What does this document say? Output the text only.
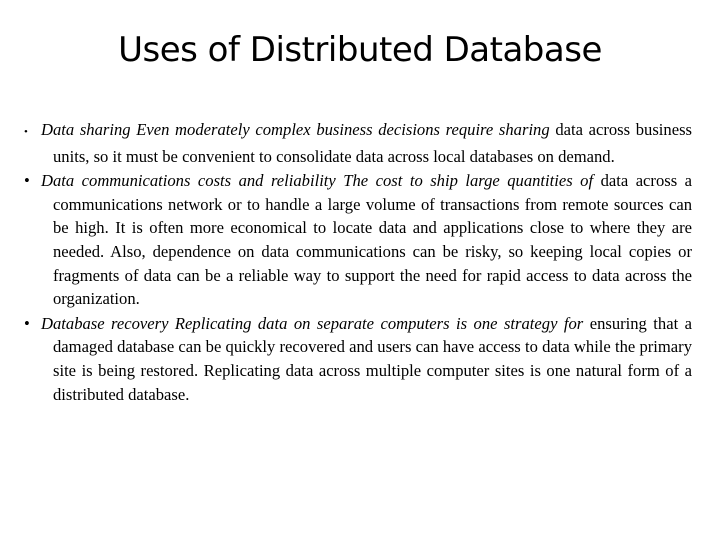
Uses of Distributed Database
• Data sharing Even moderately complex business decisions require sharing data across business units, so it must be convenient to consolidate data across local databases on demand.
• Data communications costs and reliability The cost to ship large quantities of data across a communications network or to handle a large volume of transactions from remote sources can be high. It is often more economical to locate data and applications close to where they are needed. Also, dependence on data communications can be risky, so keeping local copies or fragments of data can be a reliable way to support the need for rapid access to data across the organization.
• Database recovery Replicating data on separate computers is one strategy for ensuring that a damaged database can be quickly recovered and users can have access to data while the primary site is being restored. Replicating data across multiple computer sites is one natural form of a distributed database.
